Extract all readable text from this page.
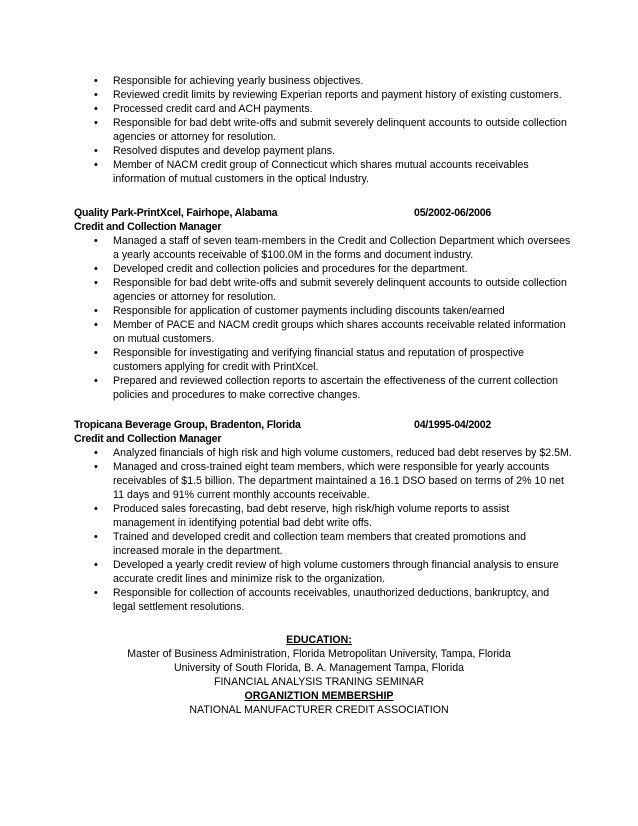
• Responsible for achieving yearly business objectives.
• Reviewed credit limits by reviewing Experian reports and payment history of existing customers.
• Processed credit card and ACH payments.
• Responsible for bad debt write-offs and submit severely delinquent accounts to outside collection agencies or attorney for resolution.
• Resolved disputes and develop payment plans.
• Member of NACM credit group of Connecticut which shares mutual accounts receivables information of mutual customers in the optical Industry.
Quality Park-PrintXcel, Fairhope, Alabama	05/2002-06/2006
Credit and Collection Manager
• Managed a staff of seven team-members in the Credit and Collection Department which oversees a yearly accounts receivable of $100.0M in the forms and document industry.
• Developed credit and collection policies and procedures for the department.
• Responsible for bad debt write-offs and submit severely delinquent accounts to outside collection agencies or attorney for resolution.
• Responsible for application of customer payments including discounts taken/earned
• Member of PACE and NACM credit groups which shares accounts receivable related information on mutual customers.
• Responsible for investigating and verifying financial status and reputation of prospective customers applying for credit with PrintXcel.
• Prepared and reviewed collection reports to ascertain the effectiveness of the current collection policies and procedures to make corrective changes.
Tropicana Beverage Group, Bradenton, Florida	04/1995-04/2002
Credit and Collection Manager
• Analyzed financials of high risk and high volume customers, reduced bad debt reserves by $2.5M.
• Managed and cross-trained eight team members, which were responsible for yearly accounts receivables of $1.5 billion. The department maintained a 16.1 DSO based on terms of 2% 10 net 11 days and 91% current monthly accounts receivable.
• Produced sales forecasting, bad debt reserve, high risk/high volume reports to assist management in identifying potential bad debt write offs.
• Trained and developed credit and collection team members that created promotions and increased morale in the department.
• Developed a yearly credit review of high volume customers through financial analysis to ensure accurate credit lines and minimize risk to the organization.
• Responsible for collection of accounts receivables, unauthorized deductions, bankruptcy, and legal settlement resolutions.
EDUCATION:
Master of Business Administration, Florida Metropolitan University, Tampa, Florida
University of South Florida, B. A. Management Tampa, Florida
FINANCIAL ANALYSIS TRANING SEMINAR
ORGANIZTION MEMBERSHIP
NATIONAL MANUFACTURER CREDIT ASSOCIATION
